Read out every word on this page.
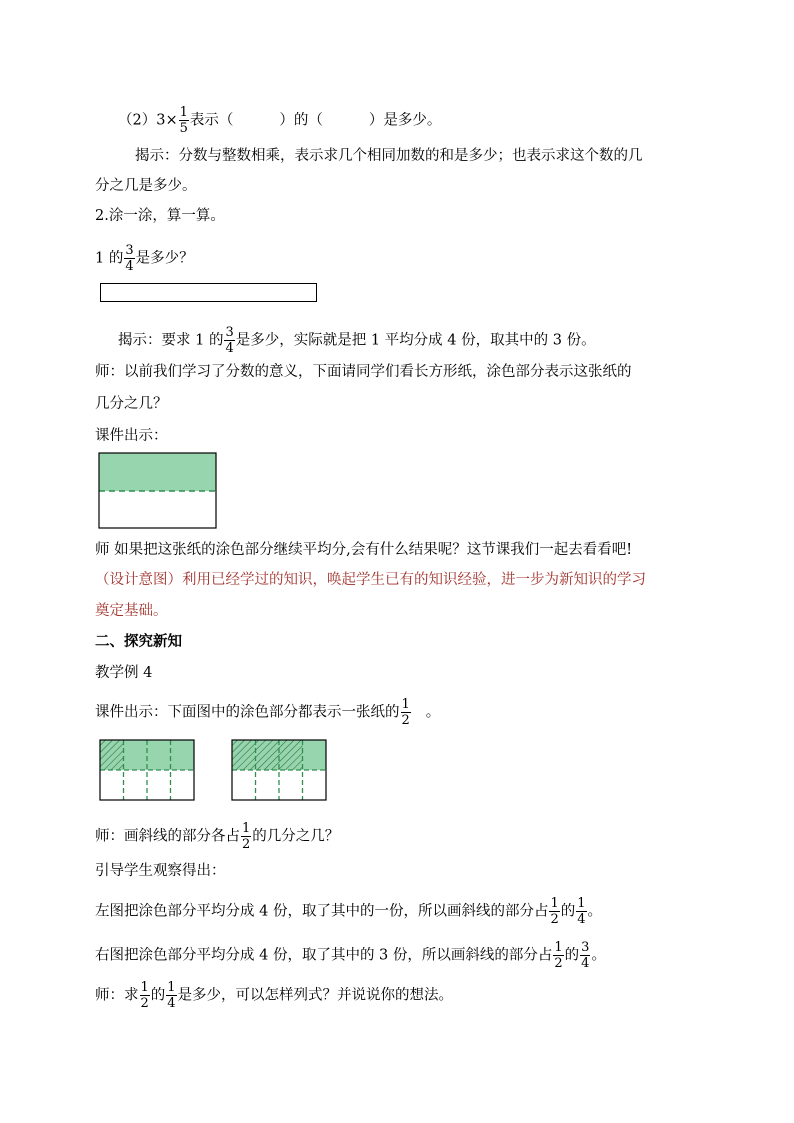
$(2)3\times \frac{1}{5}$ 表示（	）的（	）是多少。
揭示：分数与整数相乘，表示求几个相同加数的和是多少；也表示求这个数的几
分之几是多少。
2.涂一涂，算一算。
1 的 $\frac{3}{4}$ 是多少？
揭示：要求 1 的 $\frac{3}{4}$ 是多少，实际就是把 1 平均分成 4 份，取其中的 3 份。
师：以前我们学习了分数的意义，下面请同学们看长方形纸，涂色部分表示这张纸的
几分之几？
课件出示：
师 如果把这张纸的涂色部分继续平均分,会有什么结果呢？这节课我们一起去看看吧!
（设计意图）利用已经学过的知识，唤起学生已有的知识经验，进一步为新知识的学习
奠定基础。
二、探究新知
教学例 4
课件出示：下面图中的涂色部分都表示一张纸的 $\frac{1}{2}$ 。
师：画斜线的部分各占 $\frac{1}{2}$ 的几分之几？
引导学生观察得出：
左图把涂色部分平均分成 4 份，取了其中的一份，所以画斜线的部分占 $\frac{1}{2}$ 的 $\frac{1}{4}$ 。
右图把涂色部分平均分成 4 份，取了其中的 3 份，所以画斜线的部分占 $\frac{1}{2}$ 的 $\frac{3}{4}$ 。
师：求 $\frac{1}{2}$ 的 $\frac{1}{4}$ 是多少，可以怎样列式？并说说你的想法。
